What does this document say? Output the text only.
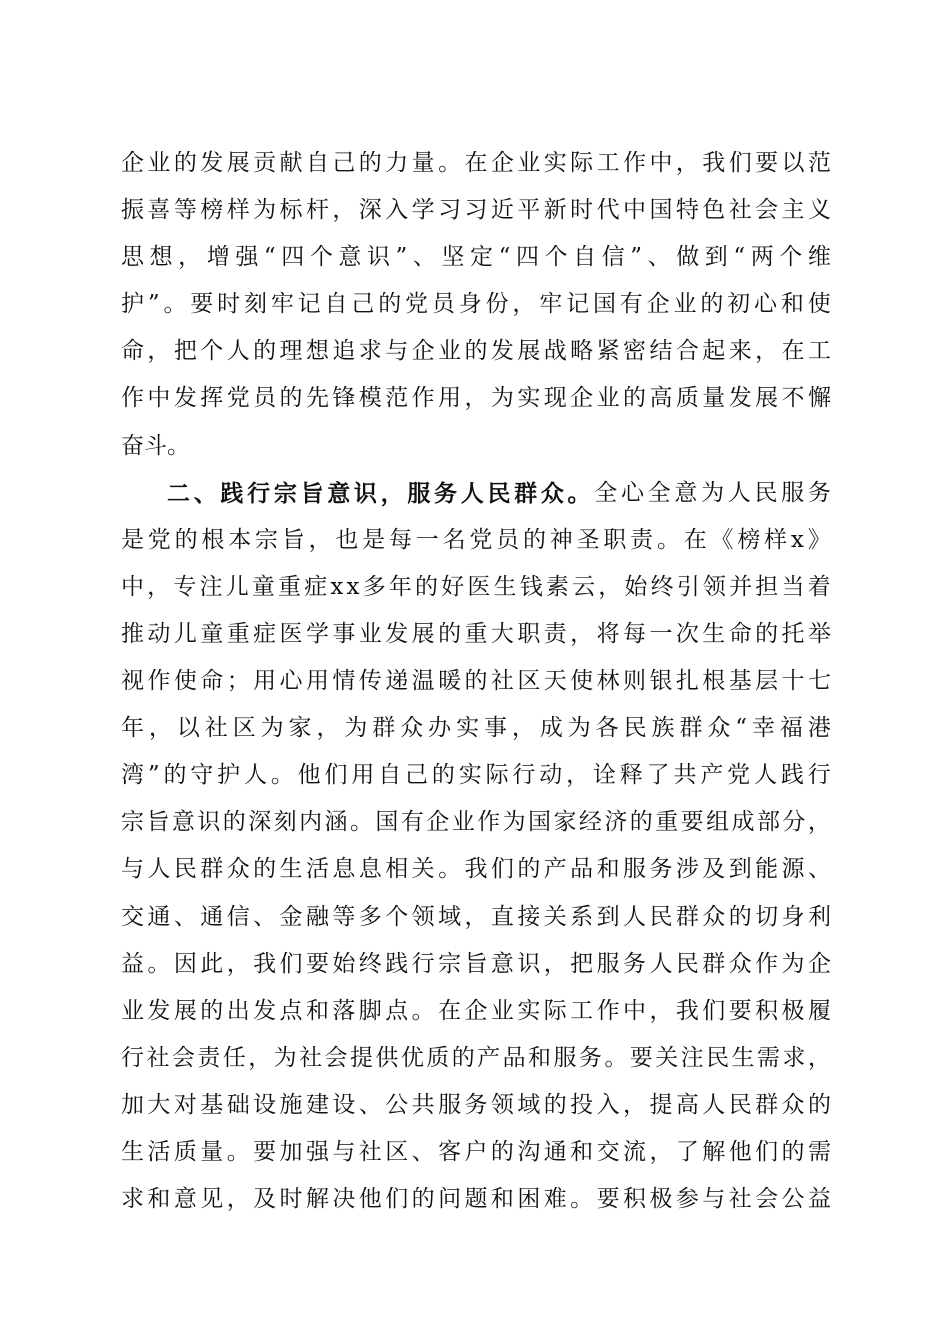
企 业 的 发 展 贡 献 自 己 的 力 量 。 在 企 业 实 际 工 作 中 ， 我 们 要 以 范
振 喜 等 榜 样 为 标 杆 ， 深 入 学 习 习 近 平 新 时 代 中 国 特 色 社 会 主 义
思 想 ， 增 强 “ 四 个 意 识 ” 、 坚 定 “ 四 个 自 信 ” 、 做 到 “ 两 个 维
护 ” 。 要 时 刻 牢 记 自 己 的 党 员 身 份 ， 牢 记 国 有 企 业 的 初 心 和 使
命 ， 把 个 人 的 理 想 追 求 与 企 业 的 发 展 战 略 紧 密 结 合 起 来 ， 在 工
作 中 发 挥 党 员 的 先 锋 模 范 作 用 ， 为 实 现 企 业 的 高 质 量 发 展 不 懈
奋 斗 。
二 、 践 行 宗 旨 意 识 ， 服 务 人 民 群 众 。 全 心 全 意 为 人 民 服 务
是 党 的 根 本 宗 旨 ， 也 是 每 一 名 党 员 的 神 圣 职 责 。 在 《 榜 样 x 》
中 ， 专 注 儿 童 重 症 x x 多 年 的 好 医 生 钱 素 云 ， 始 终 引 领 并 担 当 着
推 动 儿 童 重 症 医 学 事 业 发 展 的 重 大 职 责 ， 将 每 一 次 生 命 的 托 举
视 作 使 命 ； 用 心 用 情 传 递 温 暖 的 社 区 天 使 林 则 银 扎 根 基 层 十 七
年 ， 以 社 区 为 家 ， 为 群 众 办 实 事 ， 成 为 各 民 族 群 众 “ 幸 福 港
湾 ” 的 守 护 人 。 他 们 用 自 己 的 实 际 行 动 ， 诠 释 了 共 产 党 人 践 行
宗 旨 意 识 的 深 刻 内 涵 。 国 有 企 业 作 为 国 家 经 济 的 重 要 组 成 部 分 ，
与 人 民 群 众 的 生 活 息 息 相 关 。 我 们 的 产 品 和 服 务 涉 及 到 能 源 、
交 通 、 通 信 、 金 融 等 多 个 领 域 ， 直 接 关 系 到 人 民 群 众 的 切 身 利
益 。 因 此 ， 我 们 要 始 终 践 行 宗 旨 意 识 ， 把 服 务 人 民 群 众 作 为 企
业 发 展 的 出 发 点 和 落 脚 点 。 在 企 业 实 际 工 作 中 ， 我 们 要 积 极 履
行 社 会 责 任 ， 为 社 会 提 供 优 质 的 产 品 和 服 务 。 要 关 注 民 生 需 求 ，
加 大 对 基 础 设 施 建 设 、 公 共 服 务 领 域 的 投 入 ， 提 高 人 民 群 众 的
生 活 质 量 。 要 加 强 与 社 区 、 客 户 的 沟 通 和 交 流 ， 了 解 他 们 的 需
求 和 意 见 ， 及 时 解 决 他 们 的 问 题 和 困 难 。 要 积 极 参 与 社 会 公 益
